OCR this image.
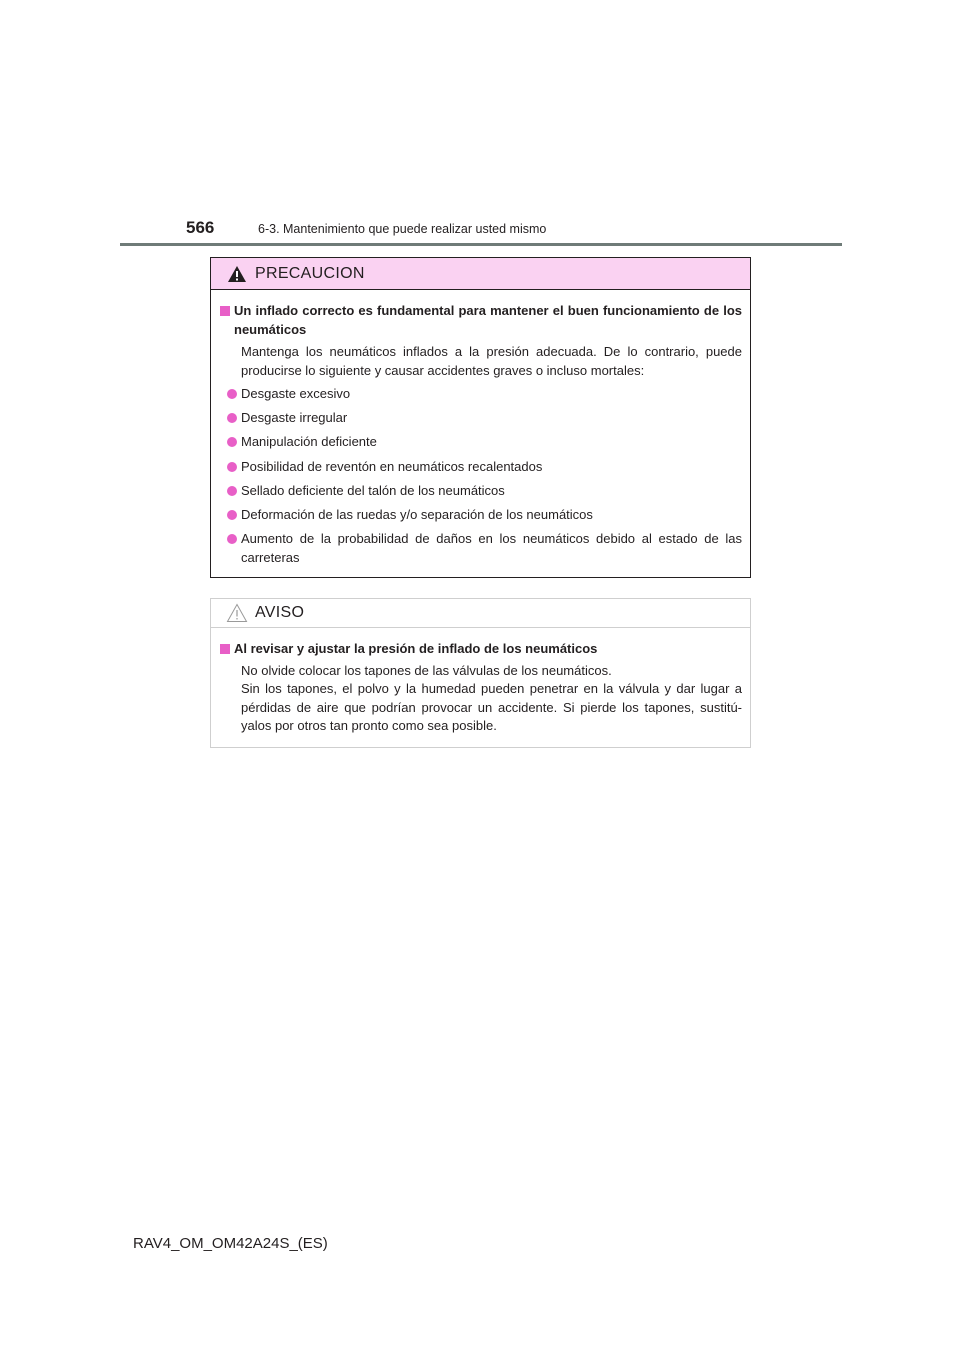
566	6-3. Mantenimiento que puede realizar usted mismo
PRECAUCION
Un inflado correcto es fundamental para mantener el buen funcionamiento de los neumáticos

Mantenga los neumáticos inflados a la presión adecuada. De lo contrario, puede producirse lo siguiente y causar accidentes graves o incluso mortales:

Desgaste excesivo
Desgaste irregular
Manipulación deficiente
Posibilidad de reventón en neumáticos recalentados
Sellado deficiente del talón de los neumáticos
Deformación de las ruedas y/o separación de los neumáticos
Aumento de la probabilidad de daños en los neumáticos debido al estado de las carreteras
AVISO
Al revisar y ajustar la presión de inflado de los neumáticos

No olvide colocar los tapones de las válvulas de los neumáticos.

Sin los tapones, el polvo y la humedad pueden penetrar en la válvula y dar lugar a pérdidas de aire que podrían provocar un accidente. Si pierde los tapones, sustitú-yalos por otros tan pronto como sea posible.

RAV4_OM_OM42A24S_(ES)
